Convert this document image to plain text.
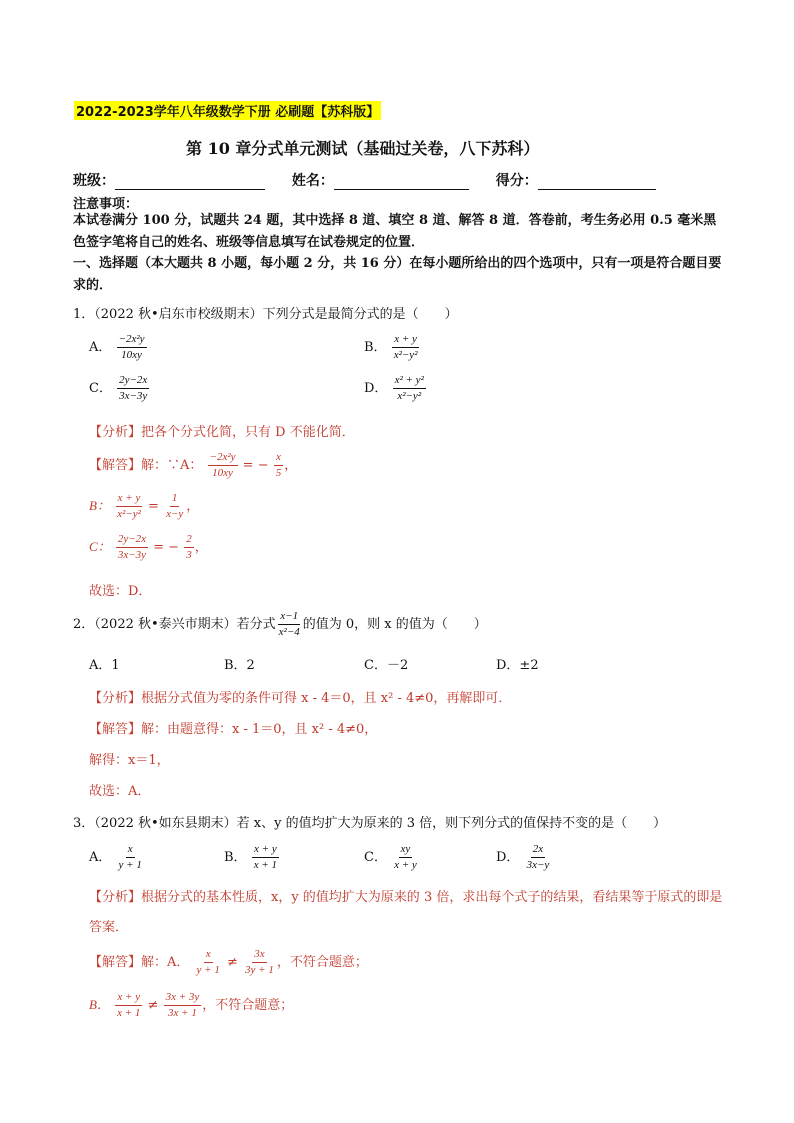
2022-2023学年八年级数学下册 必刷题【苏科版】
第 10 章分式单元测试（基础过关卷，八下苏科）
班级：	姓名：	得分：
注意事项：
本试卷满分 100 分，试题共 24 题，其中选择 8 道、填空 8 道、解答 8 道．答卷前，考生务必用 0.5 毫米黑色签字笔将自己的姓名、班级等信息填写在试卷规定的位置．
一、选择题（本大题共 8 小题，每小题 2 分，共 16 分）在每小题所给出的四个选项中，只有一项是符合题目要求的．
1．（2022 秋•启东市校级期末）下列分式是最简分式的是（　　）
A． $\frac{\text{−2x²y}}{10xy}$	B． $\frac{x + y}{\text{x²−y²}}$
C． $\frac{2y-2x}{3x-3y}$	D． $\frac{\text{x² + y²}}{\text{x²−y²}}$
【分析】把各个分式化简，只有 D 不能化简．
【解答】解：∵A： $\frac{\text{−2x²y}}{10xy}$ = − $\frac{x}{5}$ ，
B： $\frac{x + y}{\text{x²−y²}} = \frac{1}{x-y}$ ，
C： $\frac{2y-2x}{3x-3y}$ = − $\frac{2}{3}$ ，
故选：D．
2．（2022 秋•泰兴市期末）若分式 $\frac{x-1}{\text{x²−4}}$ 的值为 0，则 x 的值为（　　）
A．1	B．2	C．－2	D．±2
【分析】根据分式值为零的条件可得 x - 4＝0，且 x² - 4≠0，再解即可．
【解答】解：由题意得：x - 1＝0，且 x² - 4≠0，
解得：x＝1，
故选：A．
3．（2022 秋•如东县期末）若 x、y 的值均扩大为原来的 3 倍，则下列分式的值保持不变的是（　　）
A． $\frac{x}{y + 1}$	B． $\frac{x + y}{x + 1}$	C． $\frac{xy}{x + y}$	D． $\frac{2x}{3x-y}$
【分析】根据分式的基本性质，x，y 的值均扩大为原来的 3 倍，求出每个式子的结果，看结果等于原式的即是答案．
【解答】解：A． $\frac{x}{y + 1} \ne \frac{3x}{3y + 1}$ ，不符合题意；
B． $\frac{x + y}{x + 1} \ne \frac{3x + 3y}{3x + 1}$ ，不符合题意；
